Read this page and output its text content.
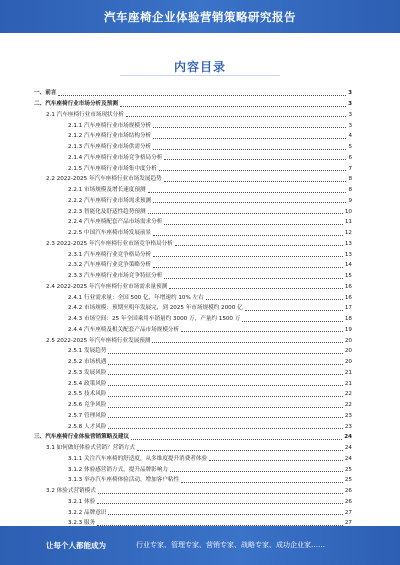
汽车座椅企业体验营销策略研究报告
内容目录
一、前言	3
二、汽车座椅行业市场分析及预测	3
2.1 汽车座椅行业市场现状分析	3
2.1.1 汽车座椅行业市场规模分析	3
2.1.2 汽车座椅行业市场结构分析	4
2.1.3 汽车座椅行业市场供需分析	5
2.1.4 汽车座椅行业市场竞争格局分析	6
2.1.5 汽车座椅行业市场集中度分析	7
2.2 2022-2025 年汽车座椅行业市场发展趋势	8
2.2.1 市场规模及增长速度预测	8
2.2.2 汽车座椅行业市场需求预测	9
2.2.3 智能化及舒适性趋势预测	10
2.2.4 汽车座椅配套产品市场需求分析	11
2.2.5 中国汽车座椅市场发展前景	12
2.3 2022-2025 年汽车座椅行业市场竞争格局分析	13
2.3.1 汽车座椅行业竞争格局分析	13
2.3.2 汽车座椅行业竞争策略分析	14
2.3.3 汽车座椅行业市场竞争特征分析	15
2.4 2022-2025 年汽车座椅行业市场需求量预测	16
2.4.1 行业需求量：全国 500 亿，年增速约 10% 左右	16
2.4.2 市场规模：预期至明年发展完，到 2025 年市场规模约 2000 亿	17
2.4.3 市场空间：25 年全国乘用车销量约 3000 万，产量约 1500 万	18
2.4.4 汽车座椅及相关配套产品市场规模分析	19
2.5 2022-2025 年汽车座椅行业发展预测	20
2.5.1 发展趋势	20
2.5.2 市场机遇	20
2.5.3 发展风险	21
2.5.4 政策风险	21
2.5.5 技术风险	22
2.5.6 竞争风险	22
2.5.7 管理风险	23
2.5.8 人才风险	23
三、汽车座椅行业体验营销策略及建议	24
3.1 如何做好体验式营销？营销方式	24
3.1.1 关注汽车座椅的舒适度，从多维度提升消费者体验	24
3.1.2 体验感营销方式，提升品牌影响力	25
3.1.3 举办汽车座椅体验活动，增加客户粘性	25
3.2 体验式营销模式	26
3.2.1 体验	26
3.2.2 品牌意识	27
3.2.3 服务	27
让每个人都能成为	行业专家、管理专家、营销专家、战略专家、成功企业家……
